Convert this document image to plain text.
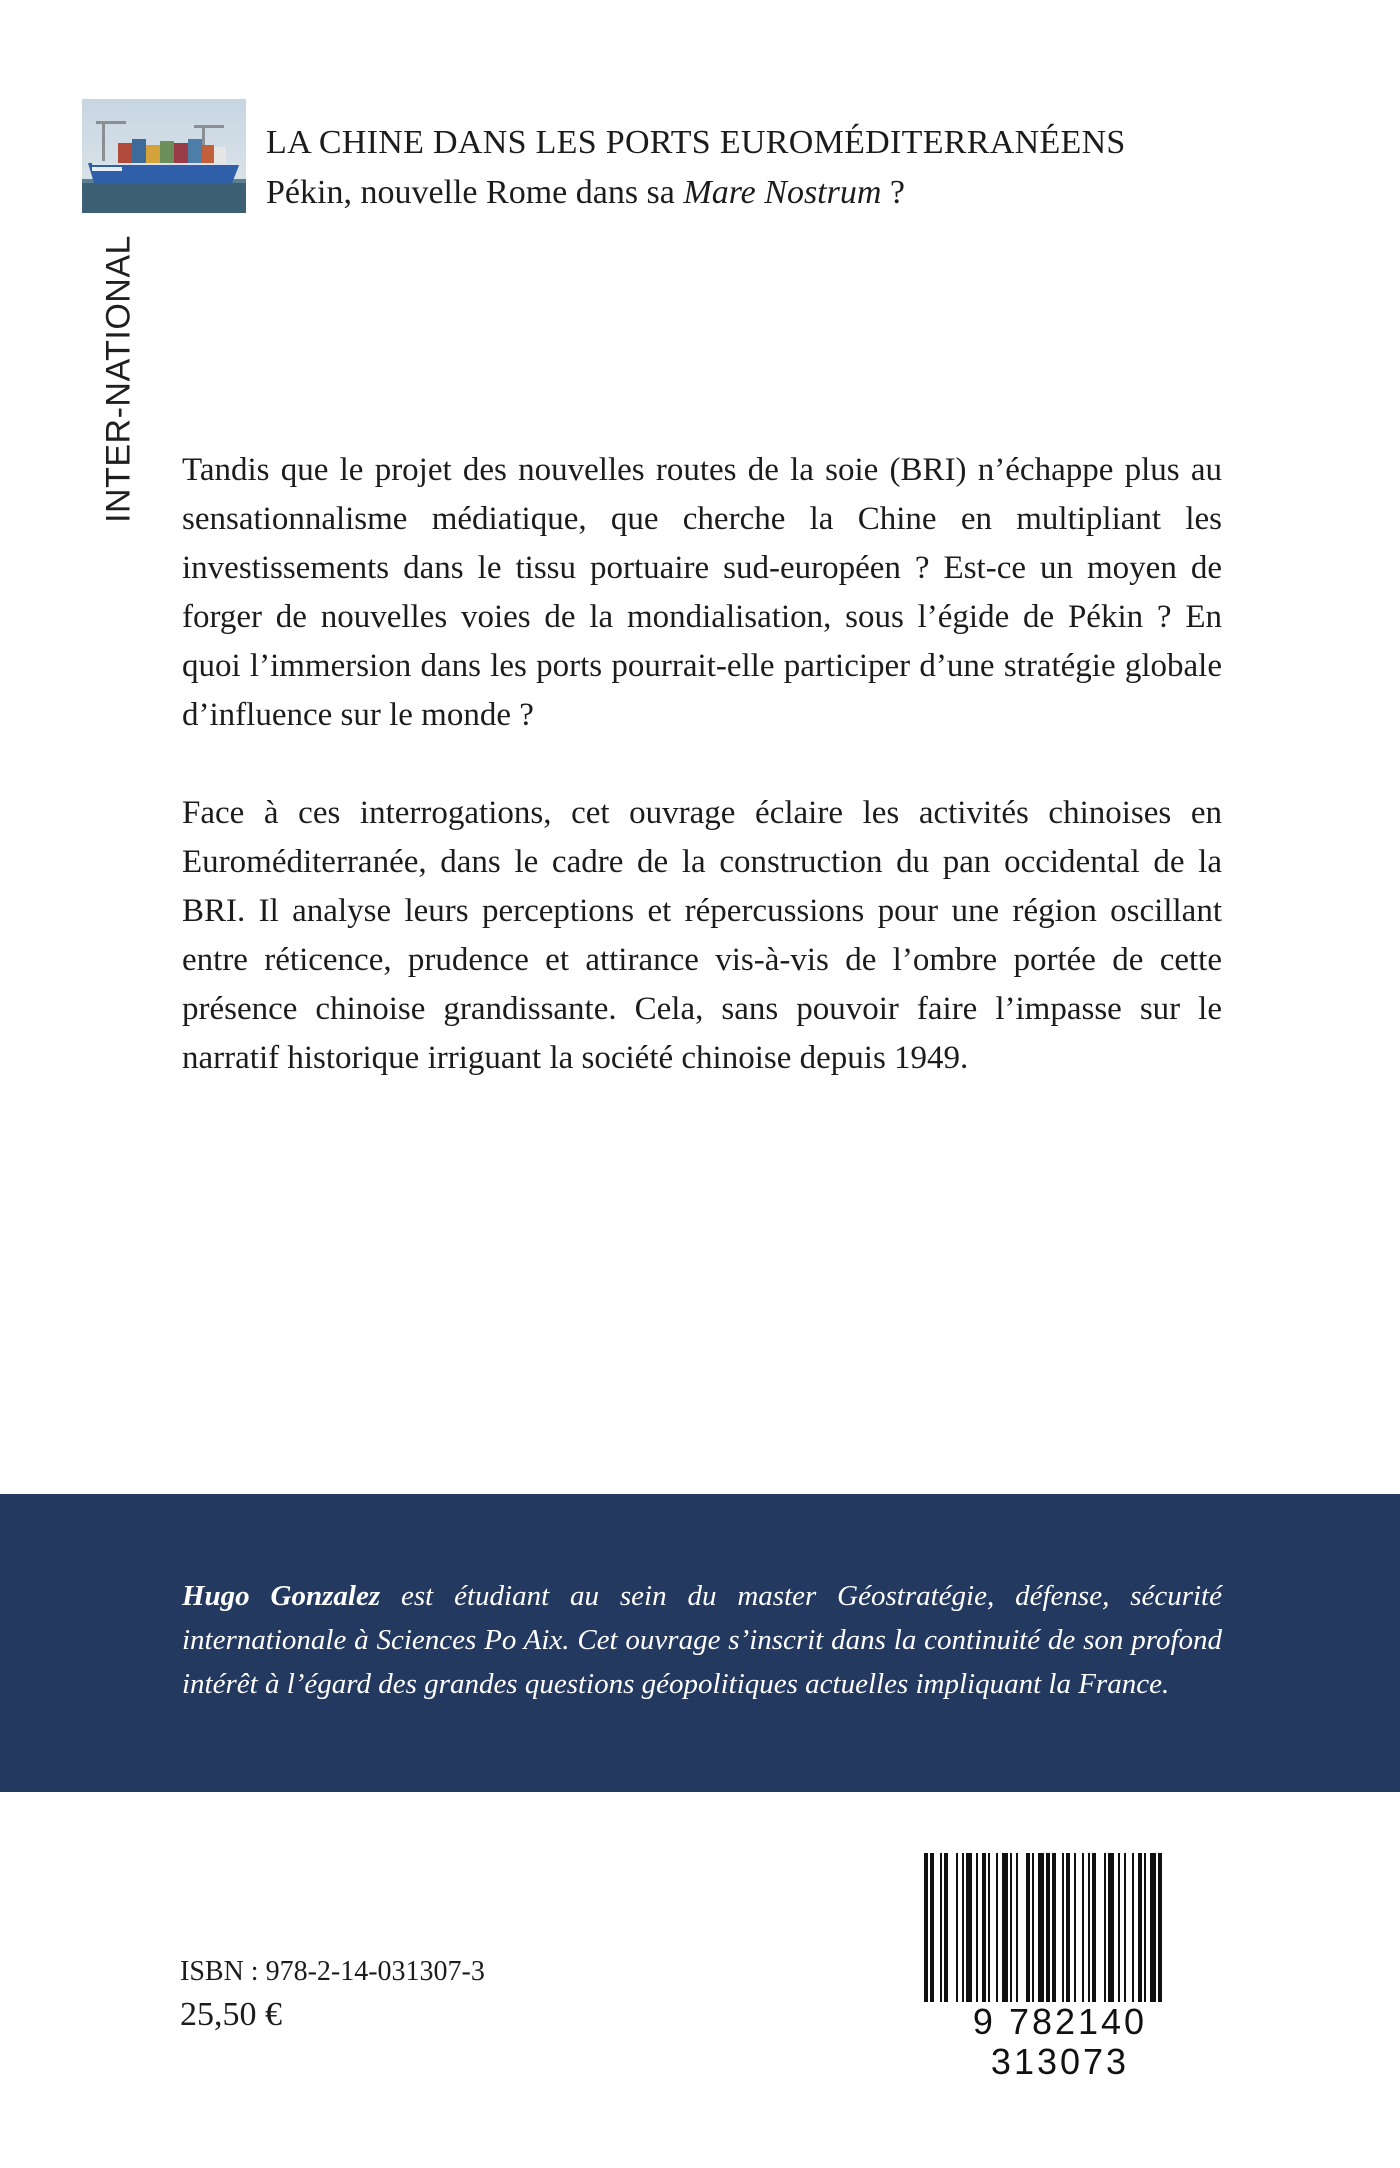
INTER-NATIONAL
LA CHINE DANS LES PORTS EUROMÉDITERRANÉENS
Pékin, nouvelle Rome dans sa Mare Nostrum ?

Tandis que le projet des nouvelles routes de la soie (BRI) n’échappe plus au sensationnalisme médiatique, que cherche la Chine en multipliant les investissements dans le tissu portuaire sud-européen ? Est-ce un moyen de forger de nouvelles voies de la mondialisation, sous l’égide de Pékin ? En quoi l’immersion dans les ports pourrait-elle participer d’une stratégie globale d’influence sur le monde ?

Face à ces interrogations, cet ouvrage éclaire les activités chinoises en Euroméditerranée, dans le cadre de la construction du pan occidental de la BRI. Il analyse leurs perceptions et répercussions pour une région oscillant entre réticence, prudence et attirance vis-à-vis de l’ombre portée de cette présence chinoise grandissante. Cela, sans pouvoir faire l’impasse sur le narratif historique irriguant la société chinoise depuis 1949.

Hugo Gonzalez est étudiant au sein du master Géostratégie, défense, sécurité internationale à Sciences Po Aix. Cet ouvrage s’inscrit dans la continuité de son profond intérêt à l’égard des grandes questions géopolitiques actuelles impliquant la France.
ISBN : 978-2-14-031307-3
25,50 €	9 782140 313073
